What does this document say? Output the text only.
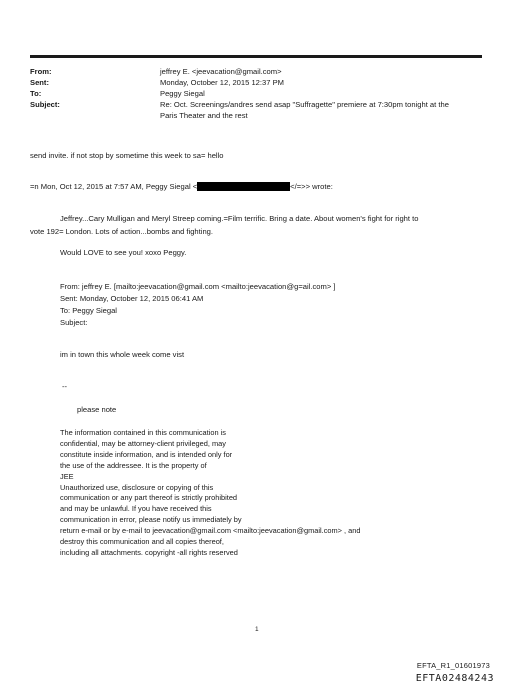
From:	jeffrey E. <jeevacation@gmail.com>
Sent:	Monday, October 12, 2015 12:37 PM
To:	Peggy Siegal
Subject:	Re: Oct. Screenings/andres send asap "Suffragette" premiere at 7:30pm tonight at the
Paris Theater and the rest
send invite. if not stop by sometime this week to sa= hello
=n Mon, Oct 12, 2015 at 7:57 AM, Peggy Siegal <	</=>> wrote:
Jeffrey...Cary Mulligan and Meryl Streep coming.=Film terrific. Bring a date. About women's fight for right to
vote 192= London. Lots of action...bombs and fighting.
Would LOVE to see you! xoxo Peggy.
From: jeffrey E. [mailto:jeevacation@gmail.com <mailto:jeevacation@g=ail.com> ]
Sent: Monday, October 12, 2015 06:41 AM
To: Peggy Siegal
Subject:
im in town this whole week come vist
--
please note
The information contained in this communication is
confidential, may be attorney-client privileged, may
constitute inside information, and is intended only for
the use of the addressee. It is the property of
JEE
Unauthorized use, disclosure or copying of this
communication or any part thereof is strictly prohibited
and may be unlawful. If you have received this
communication in error, please notify us immediately by
return e-mail or by e-mail to jeevacation@gmail.com <mailto:jeevacation@gmail.com> , and
destroy this communication and all copies thereof,
including all attachments. copyright -all rights reserved
1
EFTA_R1_01601973
EFTA02484243
